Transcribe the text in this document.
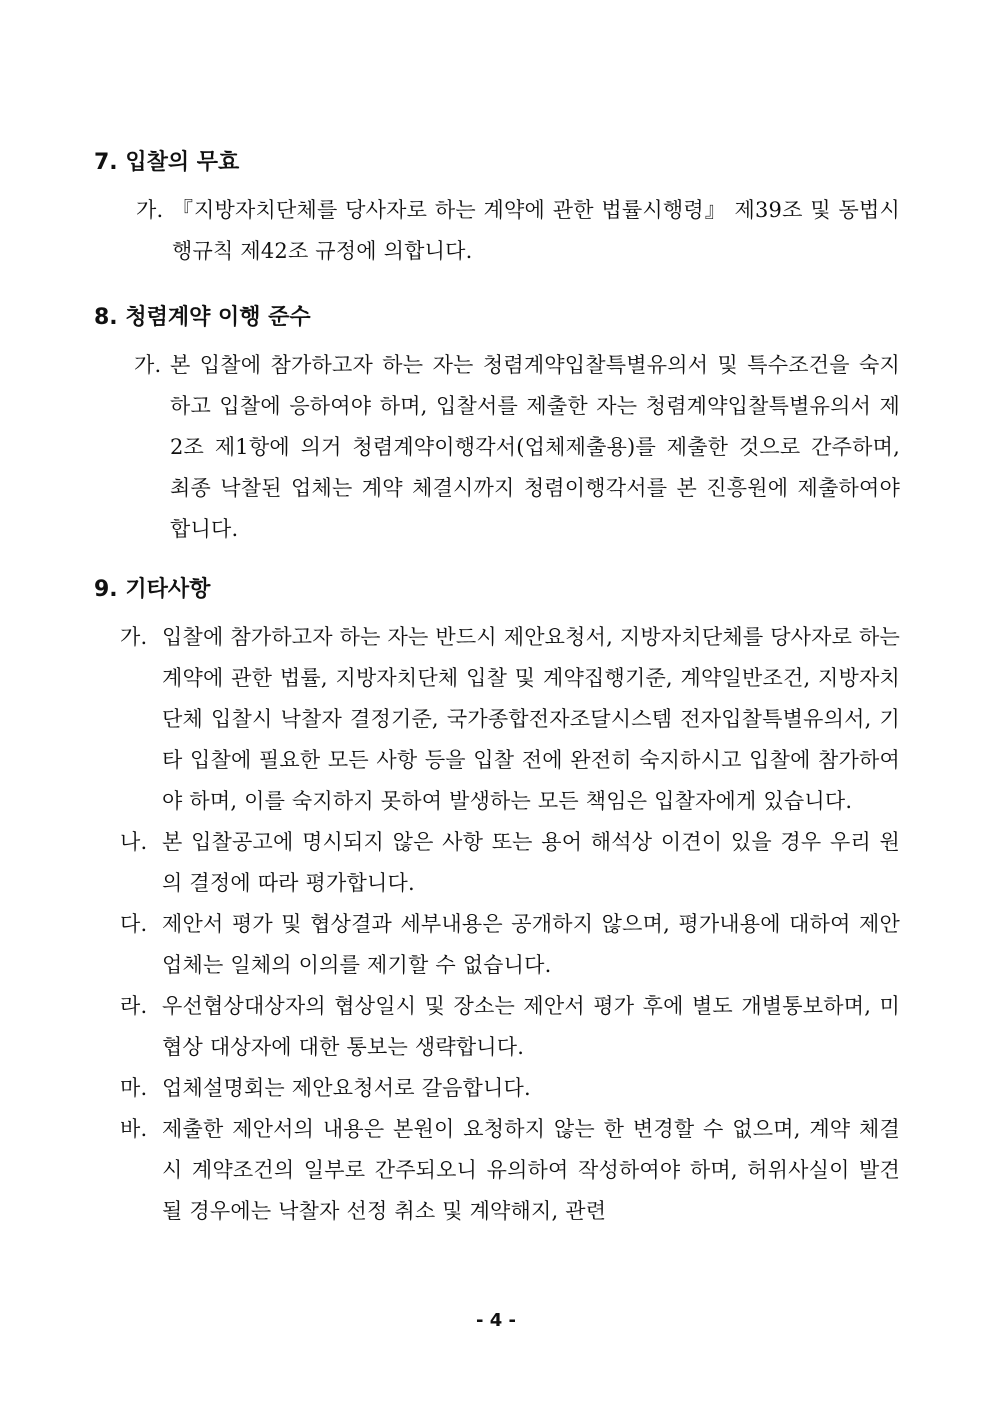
7. 입찰의 무효
가. 『지방자치단체를 당사자로 하는 계약에 관한 법률시행령』 제39조 및 동법시행규칙 제42조 규정에 의합니다.
8. 청렴계약 이행 준수
가. 본 입찰에 참가하고자 하는 자는 청렴계약입찰특별유의서 및 특수조건을 숙지하고 입찰에 응하여야 하며, 입찰서를 제출한 자는 청렴계약입찰특별유의서 제2조 제1항에 의거 청렴계약이행각서(업체제출용)를 제출한 것으로 간주하며, 최종 낙찰된 업체는 계약 체결시까지 청렴이행각서를 본 진흥원에 제출하여야 합니다.
9. 기타사항
가. 입찰에 참가하고자 하는 자는 반드시 제안요청서, 지방자치단체를 당사자로 하는 계약에 관한 법률, 지방자치단체 입찰 및 계약집행기준, 계약일반조건, 지방자치단체 입찰시 낙찰자 결정기준, 국가종합전자조달시스템 전자입찰특별유의서, 기타 입찰에 필요한 모든 사항 등을 입찰 전에 완전히 숙지하시고 입찰에 참가하여야 하며, 이를 숙지하지 못하여 발생하는 모든 책임은 입찰자에게 있습니다.
나. 본 입찰공고에 명시되지 않은 사항 또는 용어 해석상 이견이 있을 경우 우리 원의 결정에 따라 평가합니다.
다. 제안서 평가 및 협상결과 세부내용은 공개하지 않으며, 평가내용에 대하여 제안업체는 일체의 이의를 제기할 수 없습니다.
라. 우선협상대상자의 협상일시 및 장소는 제안서 평가 후에 별도 개별통보하며, 미협상 대상자에 대한 통보는 생략합니다.
마. 업체설명회는 제안요청서로 갈음합니다.
바. 제출한 제안서의 내용은 본원이 요청하지 않는 한 변경할 수 없으며, 계약 체결시 계약조건의 일부로 간주되오니 유의하여 작성하여야 하며, 허위사실이 발견 될 경우에는 낙찰자 선정 취소 및 계약해지, 관련
- 4 -
